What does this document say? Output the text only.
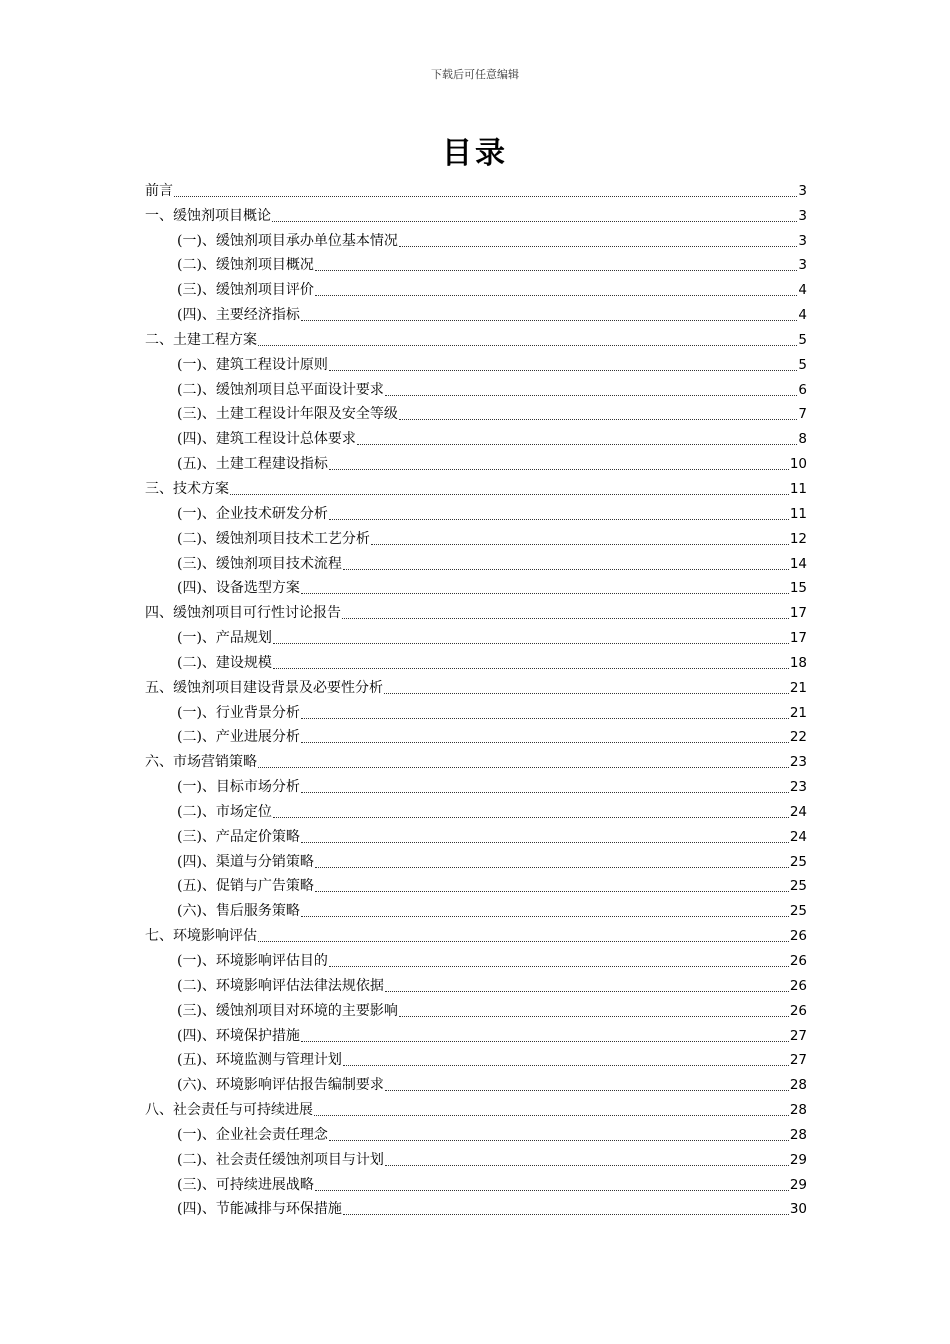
下载后可任意编辑
目录
前言	3
一、缓蚀剂项目概论	3
(一)、缓蚀剂项目承办单位基本情况	3
(二)、缓蚀剂项目概况	3
(三)、缓蚀剂项目评价	4
(四)、主要经济指标	4
二、土建工程方案	5
(一)、建筑工程设计原则	5
(二)、缓蚀剂项目总平面设计要求	6
(三)、土建工程设计年限及安全等级	7
(四)、建筑工程设计总体要求	8
(五)、土建工程建设指标	10
三、技术方案	11
(一)、企业技术研发分析	11
(二)、缓蚀剂项目技术工艺分析	12
(三)、缓蚀剂项目技术流程	14
(四)、设备选型方案	15
四、缓蚀剂项目可行性讨论报告	17
(一)、产品规划	17
(二)、建设规模	18
五、缓蚀剂项目建设背景及必要性分析	21
(一)、行业背景分析	21
(二)、产业进展分析	22
六、市场营销策略	23
(一)、目标市场分析	23
(二)、市场定位	24
(三)、产品定价策略	24
(四)、渠道与分销策略	25
(五)、促销与广告策略	25
(六)、售后服务策略	25
七、环境影响评估	26
(一)、环境影响评估目的	26
(二)、环境影响评估法律法规依据	26
(三)、缓蚀剂项目对环境的主要影响	26
(四)、环境保护措施	27
(五)、环境监测与管理计划	27
(六)、环境影响评估报告编制要求	28
八、社会责任与可持续进展	28
(一)、企业社会责任理念	28
(二)、社会责任缓蚀剂项目与计划	29
(三)、可持续进展战略	29
(四)、节能减排与环保措施	30
